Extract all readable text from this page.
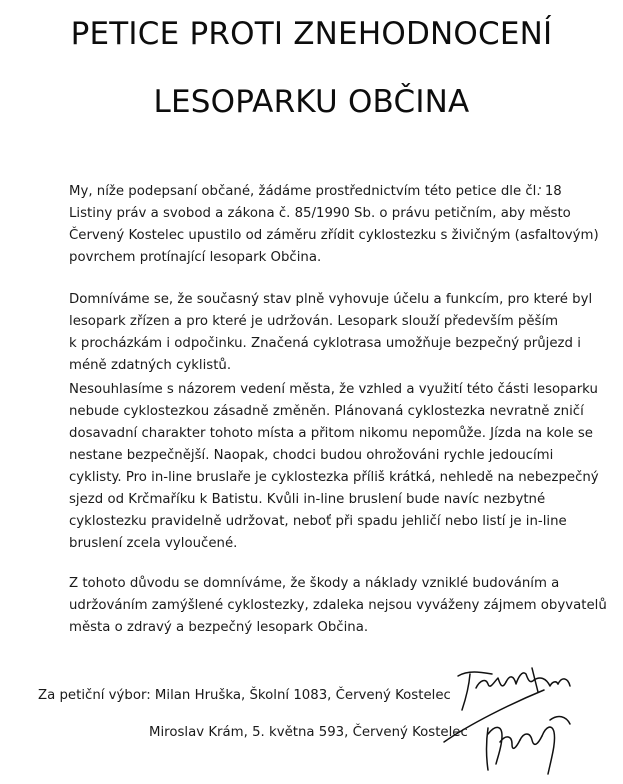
PETICE PROTI ZNEHODNOCENÍ
LESOPARKU OBČINA
My, níže podepsaní občané, žádáme prostřednictvím této petice dle čl. 18
Listiny práv a svobod a zákona č. 85/1990 Sb. o právu petičním, aby město
Červený Kostelec upustilo od záměru zřídit cyklostezku s živičným (asfaltovým)
povrchem protínající lesopark Občina.
Domníváme se, že současný stav plně vyhovuje účelu a funkcím, pro které byl
lesopark zřízen a pro které je udržován. Lesopark slouží především pěším
k procházkám i odpočinku. Značená cyklotrasa umožňuje bezpečný průjezd i
méně zdatných cyklistů.
Nesouhlasíme s názorem vedení města, že vzhled a využití této části lesoparku
nebude cyklostezkou zásadně změněn. Plánovaná cyklostezka nevratně zničí
dosavadní charakter tohoto místa a přitom nikomu nepomůže. Jízda na kole se
nestane bezpečnější. Naopak, chodci budou ohrožováni rychle jedoucími
cyklisty. Pro in-line bruslaře je cyklostezka příliš krátká, nehledě na nebezpečný
sjezd od Krčmaříku k Batistu. Kvůli in-line bruslení bude navíc nezbytné
cyklostezku pravidelně udržovat, neboť při spadu jehličí nebo listí je in-line
bruslení zcela vyloučené.
Z tohoto důvodu se domníváme, že škody a náklady vzniklé budováním a
udržováním zamýšlené cyklostezky, zdaleka nejsou vyváženy zájmem obyvatelů
města o zdravý a bezpečný lesopark Občina.
Za petiční výbor: Milan Hruška, Školní 1083, Červený Kostelec
Miroslav Krám, 5. května 593, Červený Kostelec
